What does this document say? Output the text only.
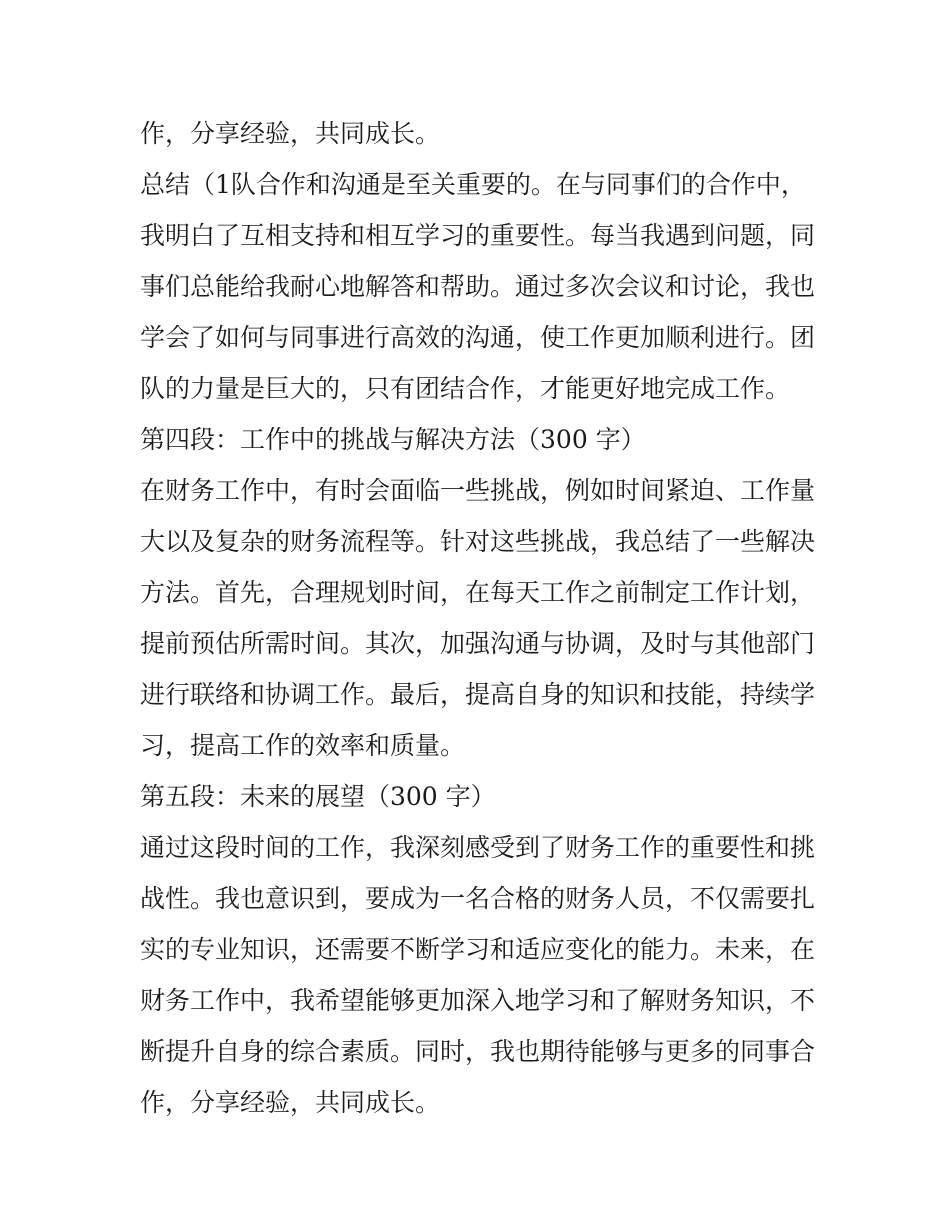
作，分享经验，共同成长。
总结（1队合作和沟通是至关重要的。在与同事们的合作中，
我明白了互相支持和相互学习的重要性。每当我遇到问题，同
事们总能给我耐心地解答和帮助。通过多次会议和讨论，我也
学会了如何与同事进行高效的沟通，使工作更加顺利进行。团
队的力量是巨大的，只有团结合作，才能更好地完成工作。
第四段：工作中的挑战与解决方法（300 字）
在财务工作中，有时会面临一些挑战，例如时间紧迫、工作量
大以及复杂的财务流程等。针对这些挑战，我总结了一些解决
方法。首先，合理规划时间，在每天工作之前制定工作计划，
提前预估所需时间。其次，加强沟通与协调，及时与其他部门
进行联络和协调工作。最后，提高自身的知识和技能，持续学
习，提高工作的效率和质量。
第五段：未来的展望（300 字）
通过这段时间的工作，我深刻感受到了财务工作的重要性和挑
战性。我也意识到，要成为一名合格的财务人员，不仅需要扎
实的专业知识，还需要不断学习和适应变化的能力。未来，在
财务工作中，我希望能够更加深入地学习和了解财务知识，不
断提升自身的综合素质。同时，我也期待能够与更多的同事合
作，分享经验，共同成长。
